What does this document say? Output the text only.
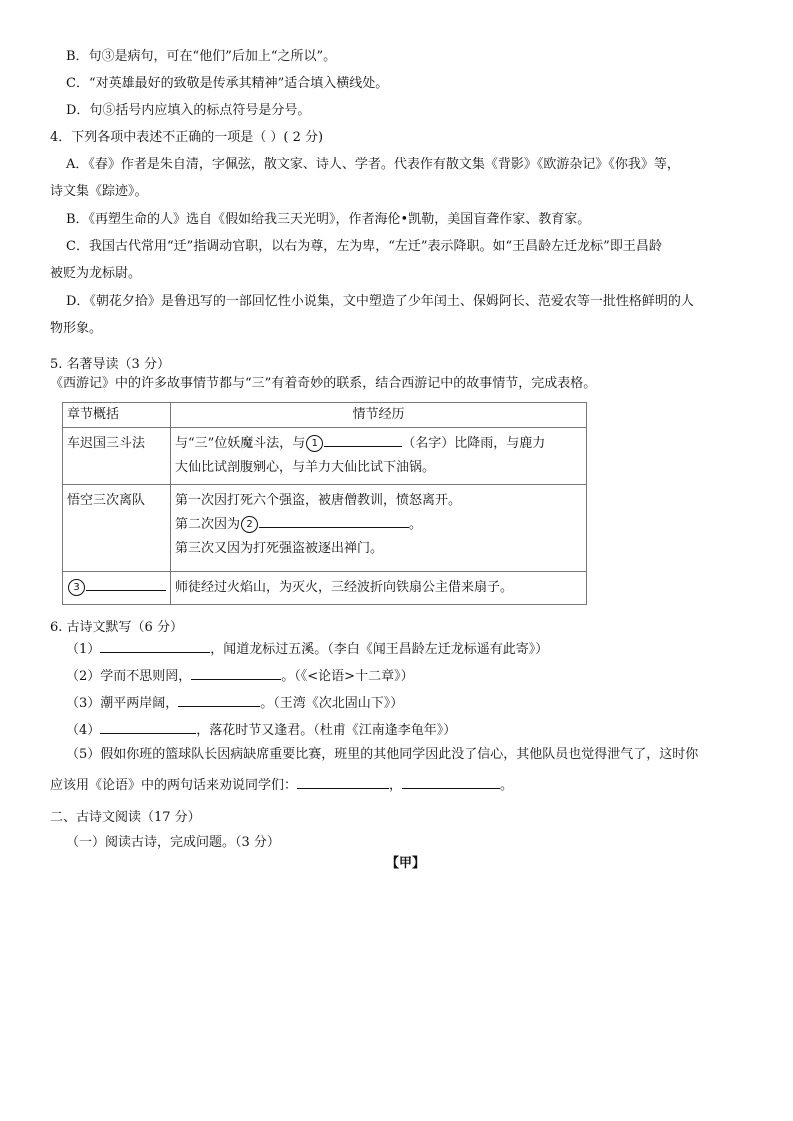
B．句③是病句，可在“他们”后加上“之所以”。
C．“对英雄最好的致敬是传承其精神”适合填入横线处。
D．句⑤括号内应填入的标点符号是分号。
4．下列各项中表述不正确的一项是（ ）( 2 分)
A．《春》作者是朱自清，字佩弦，散文家、诗人、学者。代表作有散文集《背影》《欧游杂记》《你我》等，
诗文集《踪迹》。
B．《再塑生命的人》选自《假如给我三天光明》，作者海伦•凯勒，美国盲聋作家、教育家。
C．我国古代常用“迁”指调动官职，以右为尊，左为卑，“左迁”表示降职。如“王昌龄左迁龙标”即王昌龄
被贬为龙标尉。
D．《朝花夕拾》是鲁迅写的一部回忆性小说集，文中塑造了少年闰土、保姆阿长、范爱农等一批性格鲜明的人
物形象。
5. 名著导读（3 分）
《西游记》中的许多故事情节都与“三”有着奇妙的联系，结合西游记中的故事情节，完成表格。
章节概括	情节经历
车迟国三斗法	与“三”位妖魔斗法，与 1 （名字）比降雨，与鹿力
大仙比试剖腹剜心，与羊力大仙比试下油锅。

悟空三次离队	第一次因打死六个强盗，被唐僧教训，愤怒离开。
第二次因为 2 。
第三次又因为打死强盗被逐出禅门。

3	师徒经过火焰山，为灭火，三经波折向铁扇公主借来扇子。
6. 古诗文默写（6 分）
（1）	，闻道龙标过五溪。（李白《闻王昌龄左迁龙标遥有此寄》）
（2）学而不思则罔，	。（《<论语>十二章》）
（3）潮平两岸阔，	。（王湾《次北固山下》）
（4）	，落花时节又逢君。（杜甫《江南逢李龟年》）
（5）假如你班的篮球队长因病缺席重要比赛，班里的其他同学因此没了信心，其他队员也觉得泄气了，这时你
应该用《论语》中的两句话来劝说同学们：	，	。
二、古诗文阅读（17 分）
（一）阅读古诗，完成问题。（3 分）
【甲】
